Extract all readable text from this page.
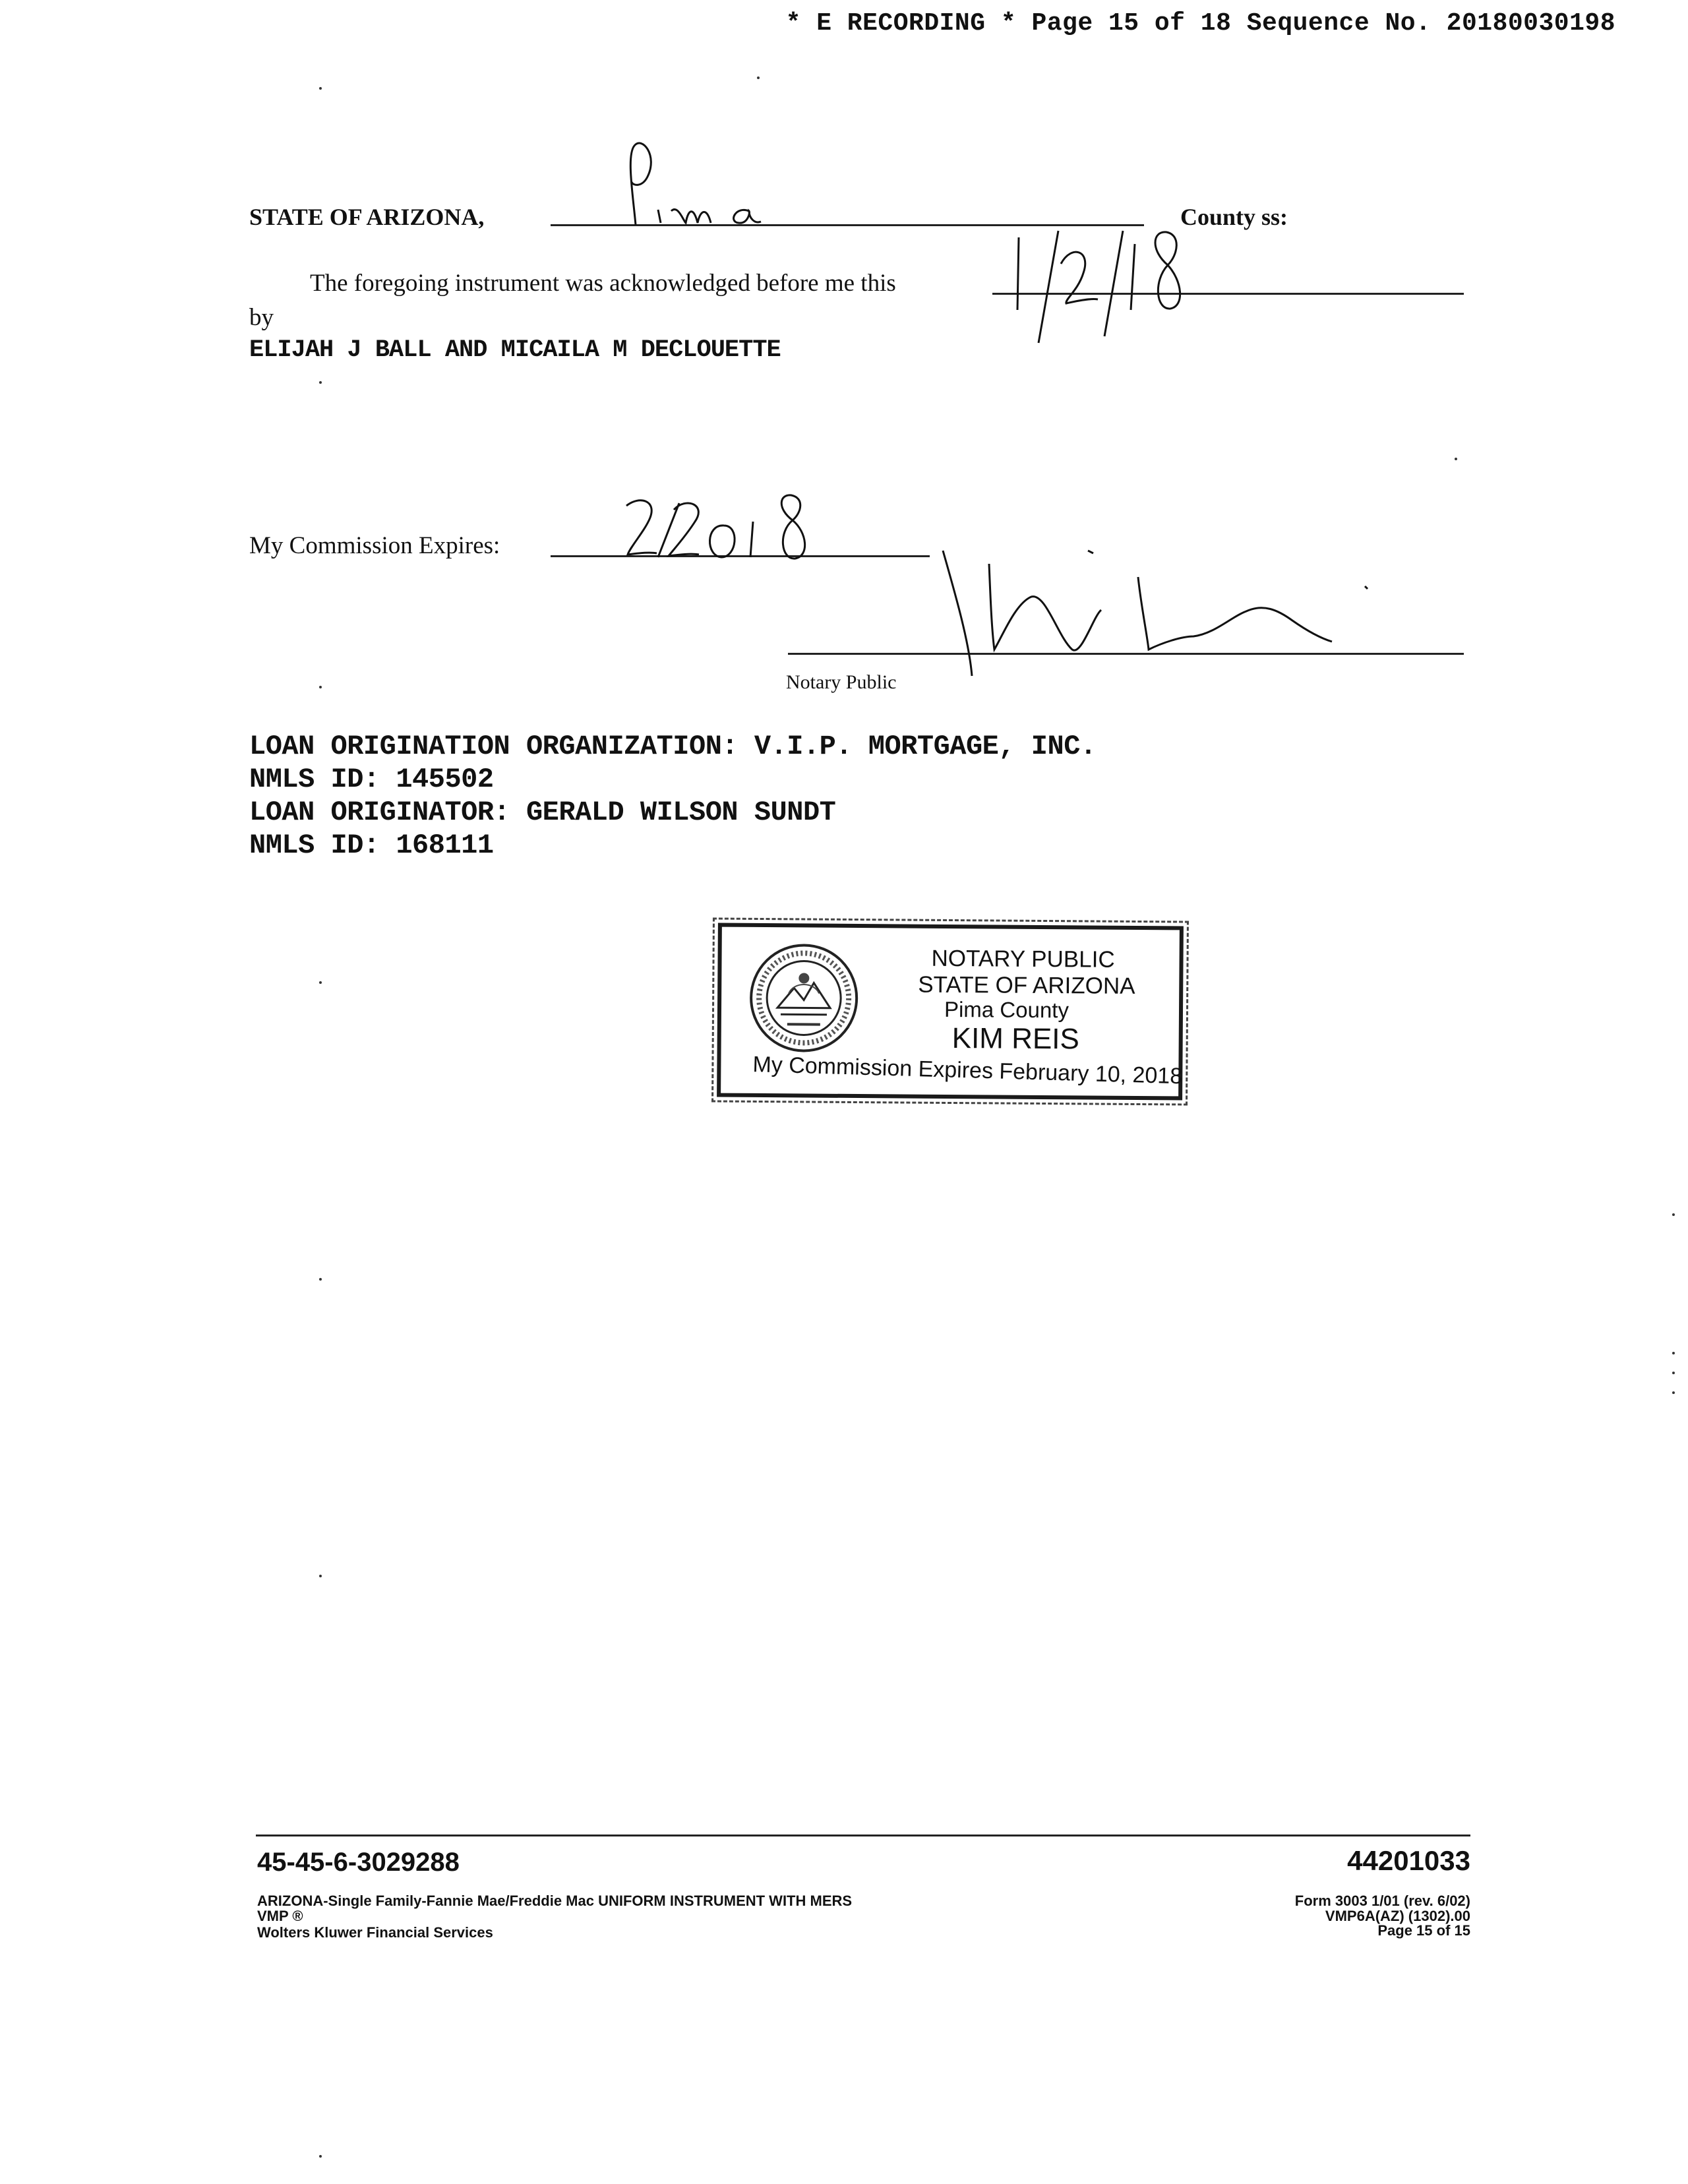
* E RECORDING * Page 15 of 18 Sequence No. 20180030198
STATE OF ARIZONA,	County ss:
The foregoing instrument was acknowledged before me this
by
ELIJAH J BALL AND MICAILA M DECLOUETTE
My Commission Expires:
Notary Public
LOAN ORIGINATION ORGANIZATION: V.I.P. MORTGAGE, INC.
NMLS ID: 145502
LOAN ORIGINATOR: GERALD WILSON SUNDT
NMLS ID: 168111
NOTARY PUBLIC
STATE OF ARIZONA
Pima County
KIM REIS
My Commission Expires February 10, 2018
45-45-6-3029288	44201033
ARIZONA-Single Family-Fannie Mae/Freddie Mac UNIFORM INSTRUMENT WITH MERS
VMP ®
Wolters Kluwer Financial Services
Form 3003 1/01 (rev. 6/02)
VMP6A(AZ) (1302).00
Page 15 of 15
